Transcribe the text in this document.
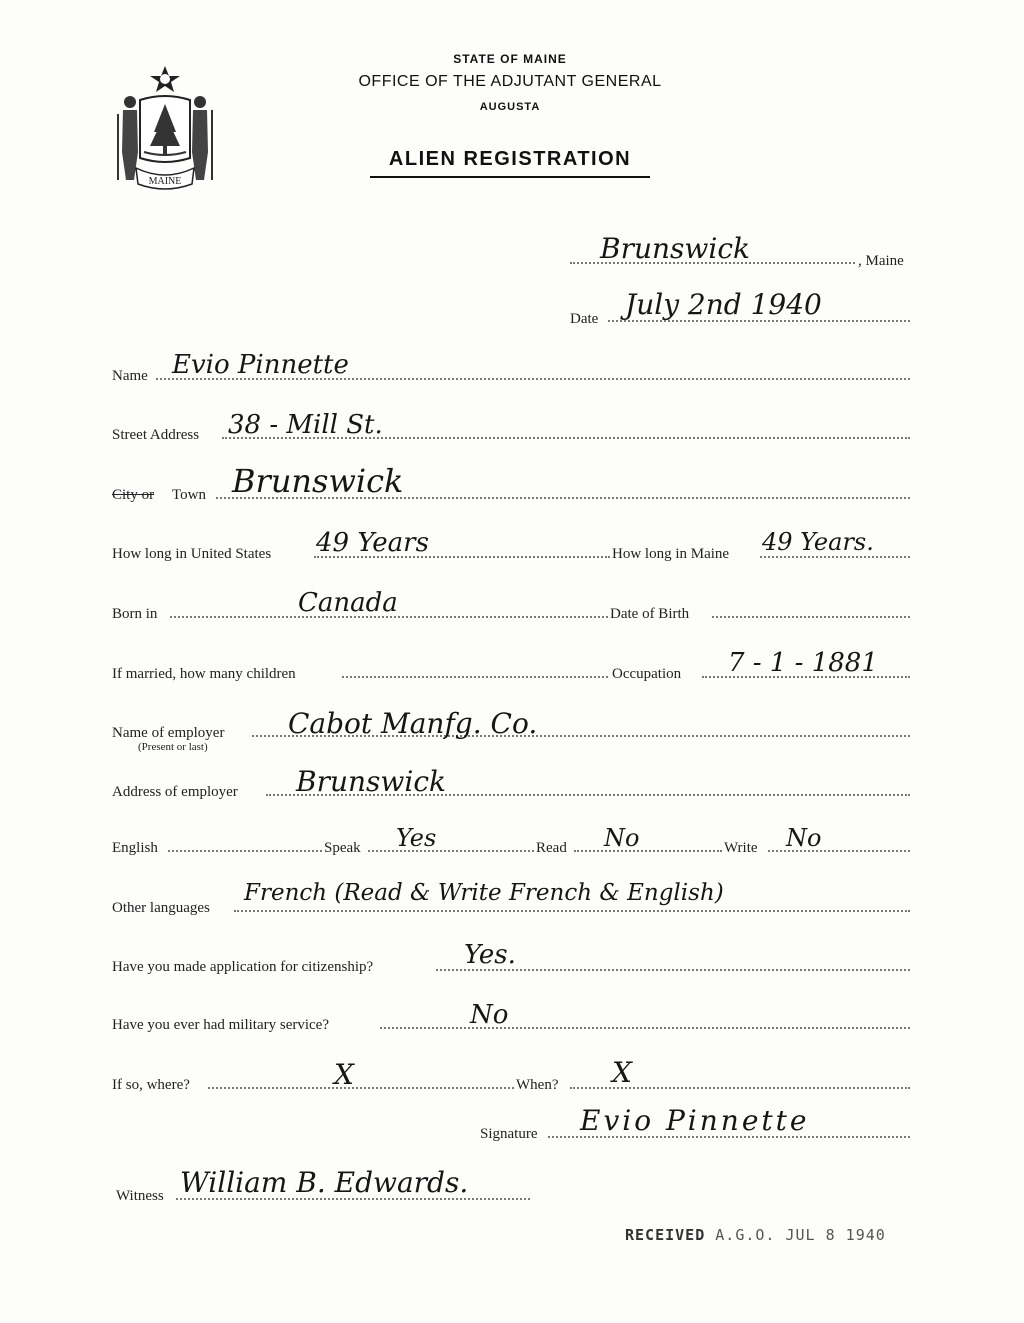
MAINE
STATE OF MAINE
OFFICE OF THE ADJUTANT GENERAL
AUGUSTA
ALIEN REGISTRATION
Brunswick	, Maine
Date July 2nd 1940
Name Evio Pinnette
Street Address 38 - Mill St.
City or Town Brunswick
How long in United States 49 Years	How long in Maine 49 Years.
Born in	Canada	Date of Birth
If married, how many children	Occupation 7 - 1 - 1881
Name of employer
(Present or last)
Cabot Manfg. Co.
Address of employer Brunswick
English	Speak Yes	Read No	Write No
Other languages
French (Read & Write French & English)
Have you made application for citizenship?	Yes.
Have you ever had military service?	No
If so, where?	X	When? X
Signature Evio Pinnette
Witness William B. Edwards.
RECEIVED A.G.O. JUL 8 1940
